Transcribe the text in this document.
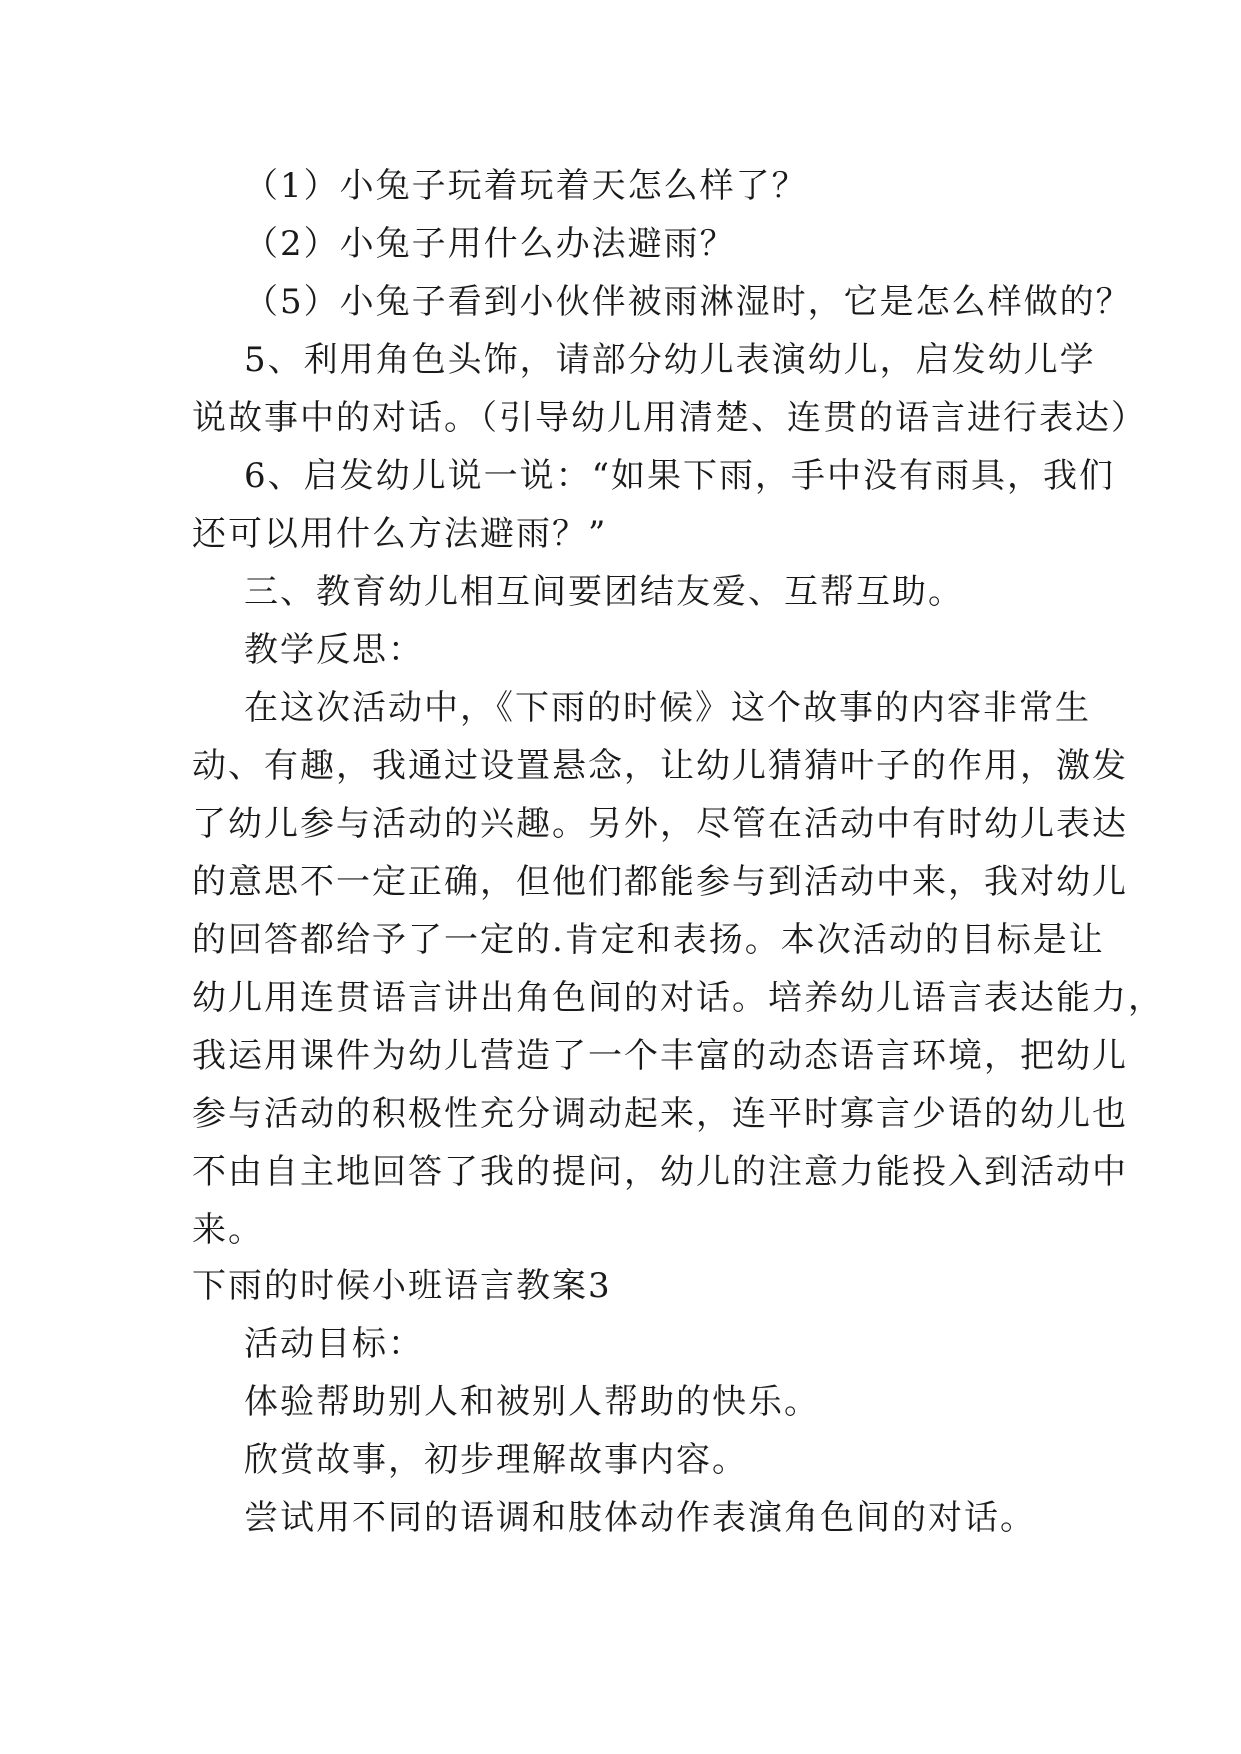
（1）小兔子玩着玩着天怎么样了？
（2）小兔子用什么办法避雨？
（5）小兔子看到小伙伴被雨淋湿时，它是怎么样做的？
5、利用角色头饰，请部分幼儿表演幼儿，启发幼儿学
说故事中的对话。（引导幼儿用清楚、连贯的语言进行表达）
6、启发幼儿说一说：“如果下雨，手中没有雨具，我们
还可以用什么方法避雨？”
三、教育幼儿相互间要团结友爱、互帮互助。
教学反思：
在这次活动中，《下雨的时候》这个故事的内容非常生
动、有趣，我通过设置悬念，让幼儿猜猜叶子的作用，激发
了幼儿参与活动的兴趣。另外，尽管在活动中有时幼儿表达
的意思不一定正确，但他们都能参与到活动中来，我对幼儿
的回答都给予了一定的.肯定和表扬。本次活动的目标是让
幼儿用连贯语言讲出角色间的对话。培养幼儿语言表达能力，
我运用课件为幼儿营造了一个丰富的动态语言环境，把幼儿
参与活动的积极性充分调动起来，连平时寡言少语的幼儿也
不由自主地回答了我的提问，幼儿的注意力能投入到活动中
来。
下雨的时候小班语言教案3
活动目标：
体验帮助别人和被别人帮助的快乐。
欣赏故事，初步理解故事内容。
尝试用不同的语调和肢体动作表演角色间的对话。
